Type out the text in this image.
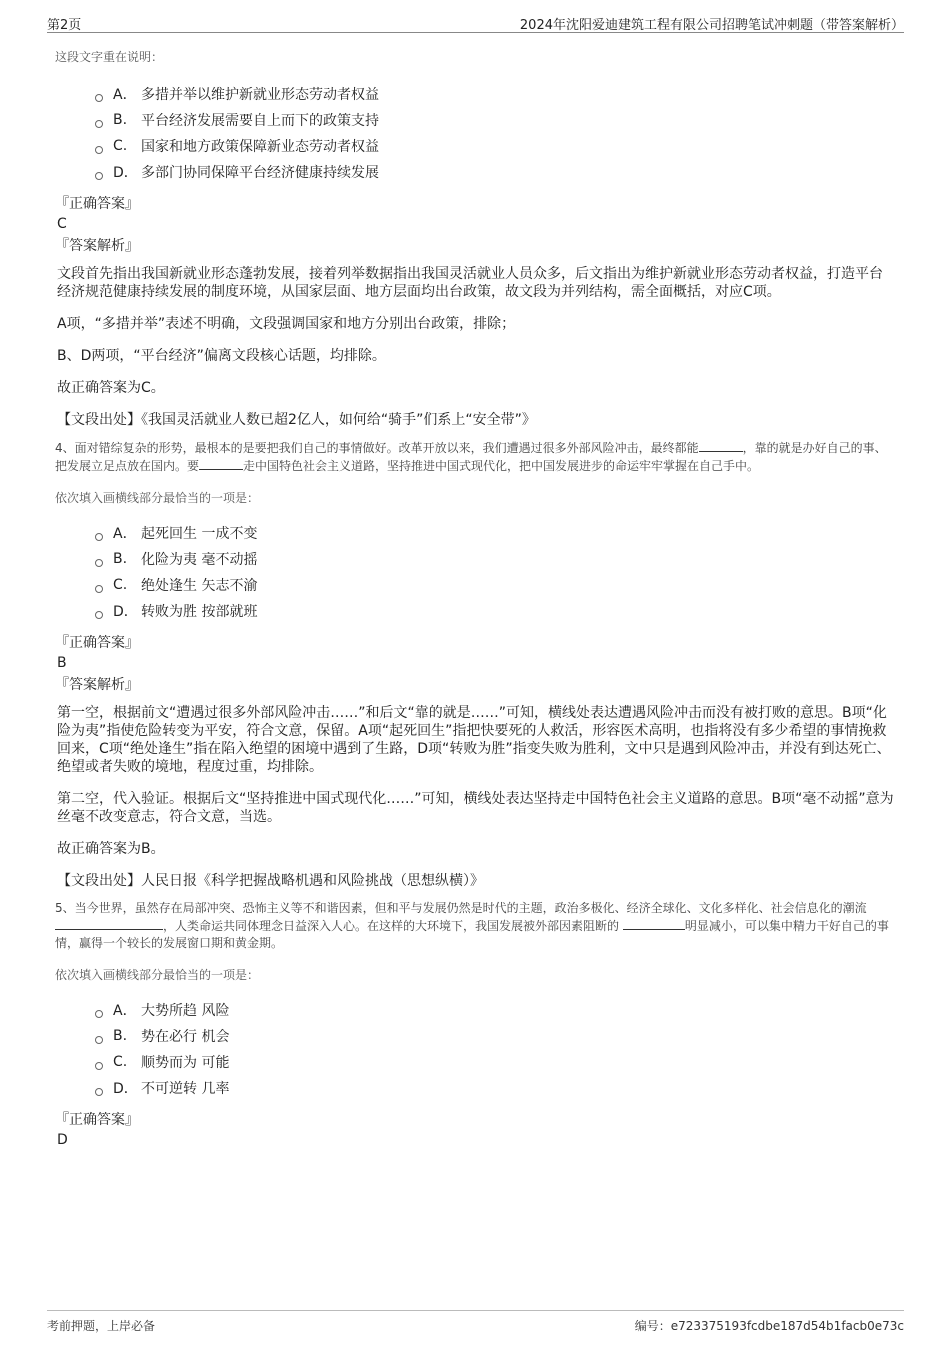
第2页	2024年沈阳爱迪建筑工程有限公司招聘笔试冲刺题（带答案解析）
这段文字重在说明：
A． 多措并举以维护新就业形态劳动者权益
B. 平台经济发展需要自上而下的政策支持
C. 国家和地方政策保障新业态劳动者权益
D． 多部门协同保障平台经济健康持续发展
『正确答案』
C
『答案解析』

文段首先指出我国新就业形态蓬勃发展，接着列举数据指出我国灵活就业人员众多，后文指出为维护新就业形态劳动者权益，打造平台经济规范健康持续发展的制度环境，从国家层面、地方层面均出台政策，故文段为并列结构，需全面概括，对应C项。

A项，“多措并举”表述不明确，文段强调国家和地方分别出台政策，排除；

B、D两项，“平台经济”偏离文段核心话题，均排除。

故正确答案为C。

【文段出处】《我国灵活就业人数已超2亿人，如何给“骑手”们系上“安全带”》
4、面对错综复杂的形势，最根本的是要把我们自己的事情做好。改革开放以来，我们遭遇过很多外部风险冲击，最终都能	，靠的就是办好自己的事、把发展立足点放在国内。要	走中国特色社会主义道路，坚持推进中国式现代化，把中国发展进步的命运牢牢掌握在自己手中。
依次填入画横线部分最恰当的一项是：
A． 起死回生 一成不变
B. 化险为夷 毫不动摇
C. 绝处逢生 矢志不渝
D． 转败为胜 按部就班
『正确答案』
B
『答案解析』

第一空，根据前文“遭遇过很多外部风险冲击……”和后文“靠的就是……”可知，横线处表达遭遇风险冲击而没有被打败的意思。B项“化险为夷”指使危险转变为平安，符合文意，保留。A项“起死回生”指把快要死的人救活，形容医术高明，也指将没有多少希望的事情挽救回来，C项“绝处逢生”指在陷入绝望的困境中遇到了生路，D项“转败为胜”指变失败为胜利，文中只是遇到风险冲击，并没有到达死亡、绝望或者失败的境地，程度过重，均排除。

第二空，代入验证。根据后文“坚持推进中国式现代化……”可知，横线处表达坚持走中国特色社会主义道路的意思。B项“毫不动摇”意为丝毫不改变意志，符合文意，当选。

故正确答案为B。

【文段出处】人民日报《科学把握战略机遇和风险挑战（思想纵横）》
5、当今世界，虽然存在局部冲突、恐怖主义等不和谐因素，但和平与发展仍然是时代的主题，政治多极化、经济全球化、文化多样化、社会信息化的潮流 ，人类命运共同体理念日益深入人心。在这样的大环境下，我国发展被外部因素阻断的	明显减小，可以集中精力干好自己的事情，赢得一个较长的发展窗口期和黄金期。
依次填入画横线部分最恰当的一项是：
A． 大势所趋 风险
B. 势在必行 机会
C. 顺势而为 可能
D． 不可逆转 几率
『正确答案』
D
考前押题，上岸必备	编号：e723375193fcdbe187d54b1facb0e73c
